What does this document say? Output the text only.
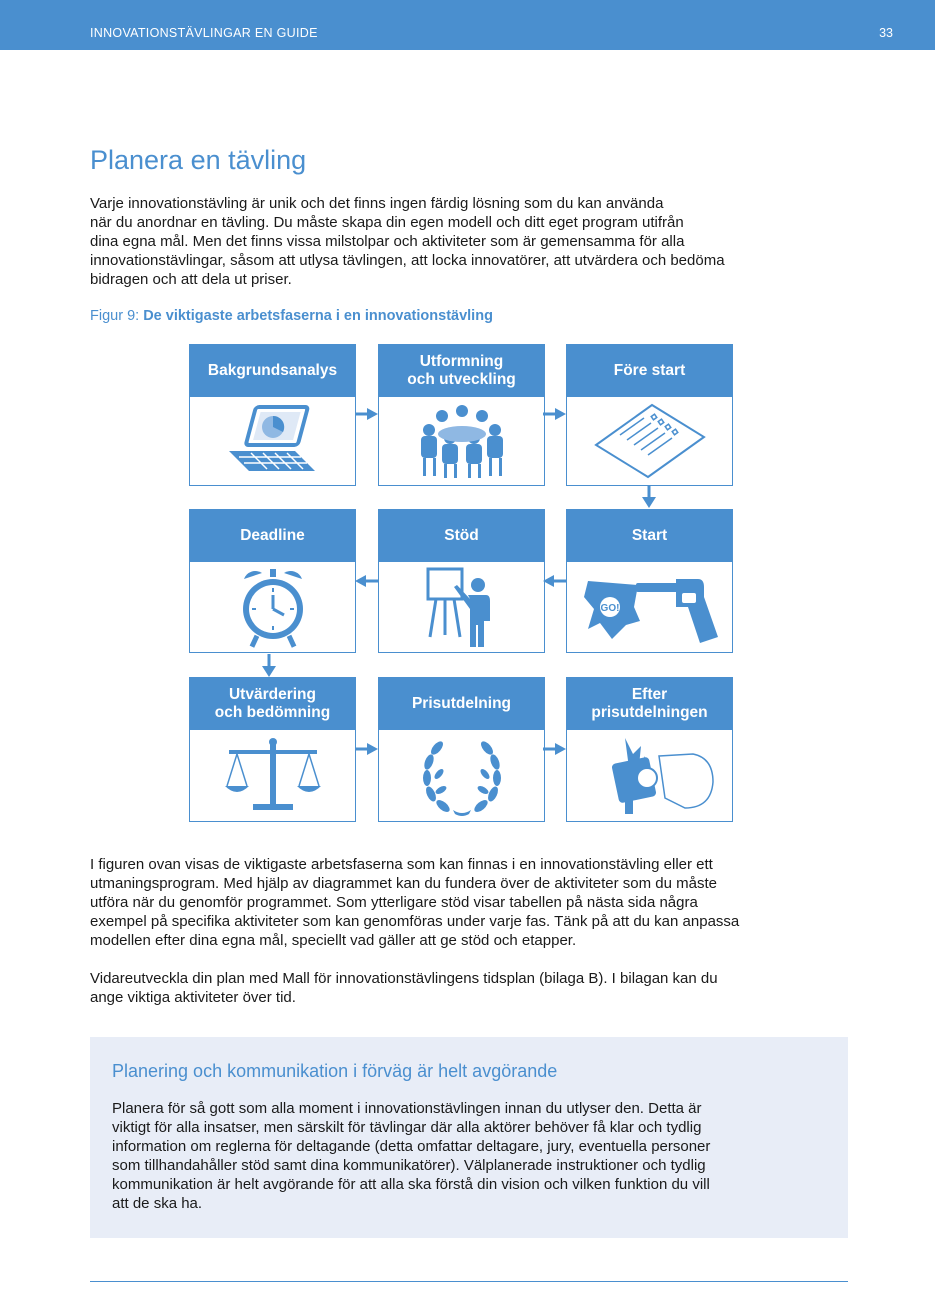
INNOVATIONSTÄVLINGAR EN GUIDE	33
Planera en tävling

Varje innovationstävling är unik och det finns ingen färdig lösning som du kan använda
när du anordnar en tävling. Du måste skapa din egen modell och ditt eget program utifrån
dina egna mål. Men det finns vissa milstolpar och aktiviteter som är gemensamma för alla
innovationstävlingar, såsom att utlysa tävlingen, att locka innovatörer, att utvärdera och bedöma
bidragen och att dela ut priser.

Figur 9: De viktigaste arbetsfaserna i en innovationstävling
Bakgrundsanalys
Utformning
och utveckling
Före start
Deadline	Stöd	Start
GO!
Utvärdering
och bedömning
Prisutdelning
Efter
prisutdelningen

I figuren ovan visas de viktigaste arbetsfaserna som kan finnas i en innovationstävling eller ett
utmaningsprogram. Med hjälp av diagrammet kan du fundera över de aktiviteter som du måste
utföra när du genomför programmet. Som ytterligare stöd visar tabellen på nästa sida några
exempel på specifika aktiviteter som kan genomföras under varje fas. Tänk på att du kan anpassa
modellen efter dina egna mål, speciellt vad gäller att ge stöd och etapper.

Vidareutveckla din plan med Mall för innovationstävlingens tidsplan (bilaga B). I bilagan kan du
ange viktiga aktiviteter över tid.

Planering och kommunikation i förväg är helt avgörande

Planera för så gott som alla moment i innovationstävlingen innan du utlyser den. Detta är
viktigt för alla insatser, men särskilt för tävlingar där alla aktörer behöver få klar och tydlig
information om reglerna för deltagande (detta omfattar deltagare, jury, eventuella personer
som tillhandahåller stöd samt dina kommunikatörer). Välplanerade instruktioner och tydlig
kommunikation är helt avgörande för att alla ska förstå din vision och vilken funktion du vill
att de ska ha.
